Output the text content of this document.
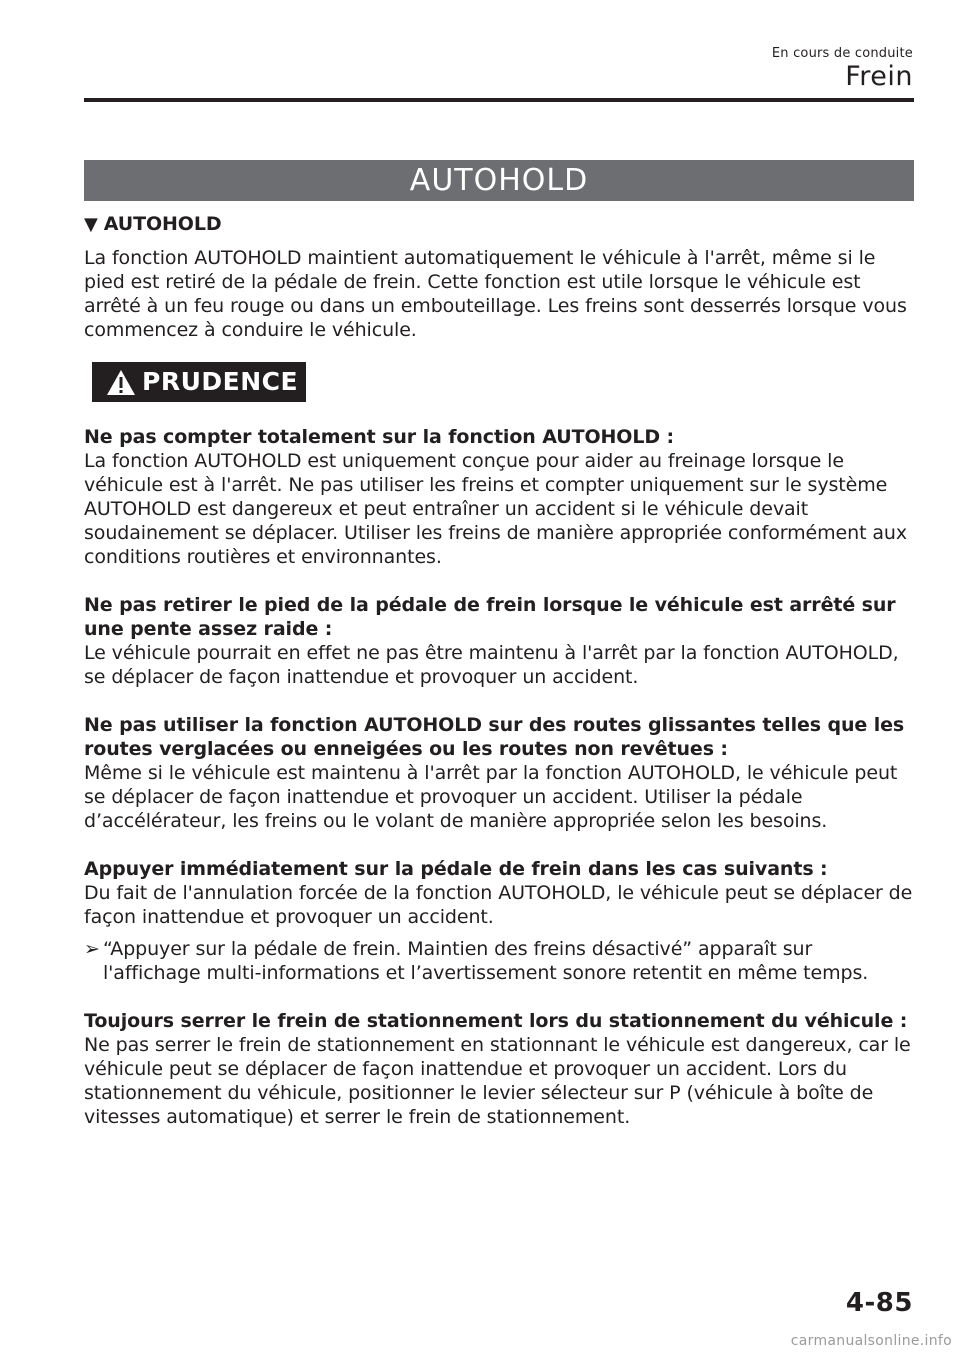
En cours de conduite
Frein
AUTOHOLD
▼ AUTOHOLD

La fonction AUTOHOLD maintient automatiquement le véhicule à l'arrêt, même si le pied est retiré de la pédale de frein. Cette fonction est utile lorsque le véhicule est arrêté à un feu rouge ou dans un embouteillage. Les freins sont desserrés lorsque vous commencez à conduire le véhicule.

PRUDENCE

Ne pas compter totalement sur la fonction AUTOHOLD :

La fonction AUTOHOLD est uniquement conçue pour aider au freinage lorsque le véhicule est à l'arrêt. Ne pas utiliser les freins et compter uniquement sur le système AUTOHOLD est dangereux et peut entraîner un accident si le véhicule devait soudainement se déplacer. Utiliser les freins de manière appropriée conformément aux conditions routières et environnantes.

Ne pas retirer le pied de la pédale de frein lorsque le véhicule est arrêté sur une pente assez raide :

Le véhicule pourrait en effet ne pas être maintenu à l'arrêt par la fonction AUTOHOLD, se déplacer de façon inattendue et provoquer un accident.

Ne pas utiliser la fonction AUTOHOLD sur des routes glissantes telles que les routes verglacées ou enneigées ou les routes non revêtues :

Même si le véhicule est maintenu à l'arrêt par la fonction AUTOHOLD, le véhicule peut se déplacer de façon inattendue et provoquer un accident. Utiliser la pédale d’accélérateur, les freins ou le volant de manière appropriée selon les besoins.

Appuyer immédiatement sur la pédale de frein dans les cas suivants :

Du fait de l'annulation forcée de la fonction AUTOHOLD, le véhicule peut se déplacer de façon inattendue et provoquer un accident.

➢ “Appuyer sur la pédale de frein. Maintien des freins désactivé” apparaît sur l'affichage multi-informations et l’avertissement sonore retentit en même temps.

Toujours serrer le frein de stationnement lors du stationnement du véhicule :

Ne pas serrer le frein de stationnement en stationnant le véhicule est dangereux, car le véhicule peut se déplacer de façon inattendue et provoquer un accident. Lors du stationnement du véhicule, positionner le levier sélecteur sur P (véhicule à boîte de vitesses automatique) et serrer le frein de stationnement.

4-85
carmanualsonline.info
